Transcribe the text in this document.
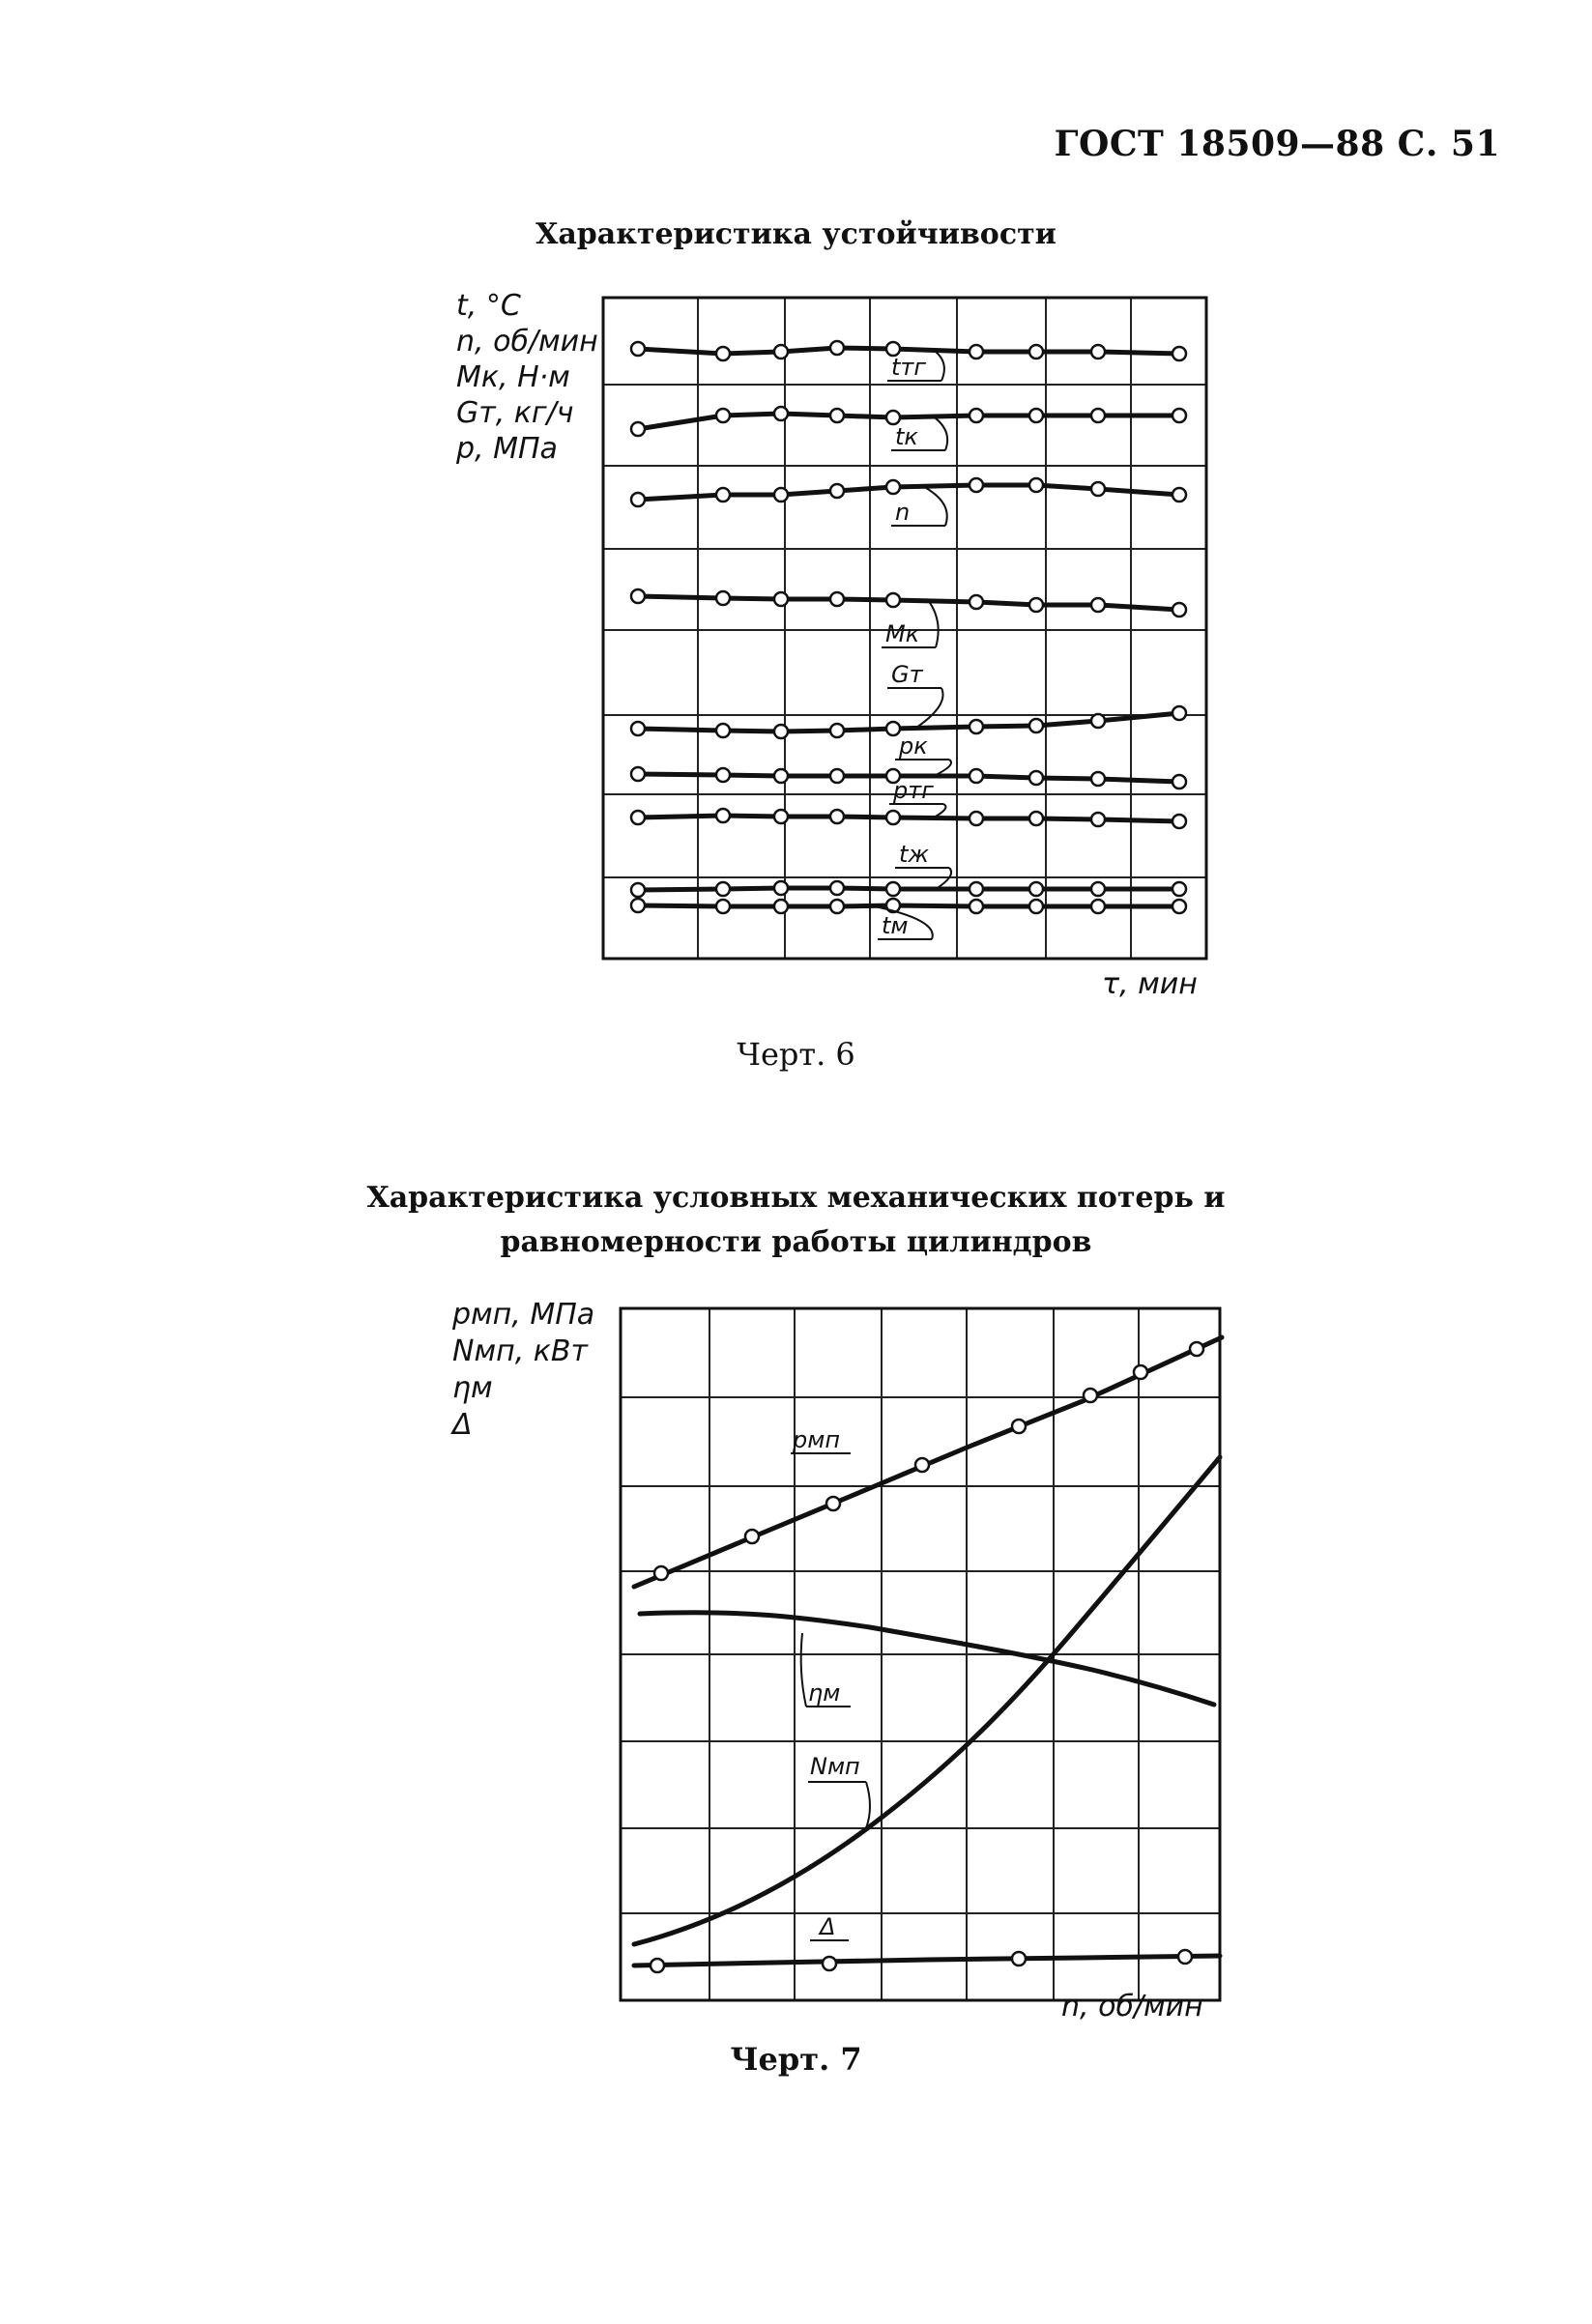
ГОСТ 18509—88 С. 51
Характеристика устойчивости
t, °C
n, об/мин
Mк, Н·м
Gт, кг/ч
p, МПа
τ, мин
Черт. 6
Характеристика условных механических потерь и
равномерности работы цилиндров
pмп, МПа
Nмп, кВт
ηм
Δ
n, об/мин
Черт. 7
tтг
tк
n
Mк
Gт
pк
pтг
tж
tм
pмп
ηм
Nмп
Δ
